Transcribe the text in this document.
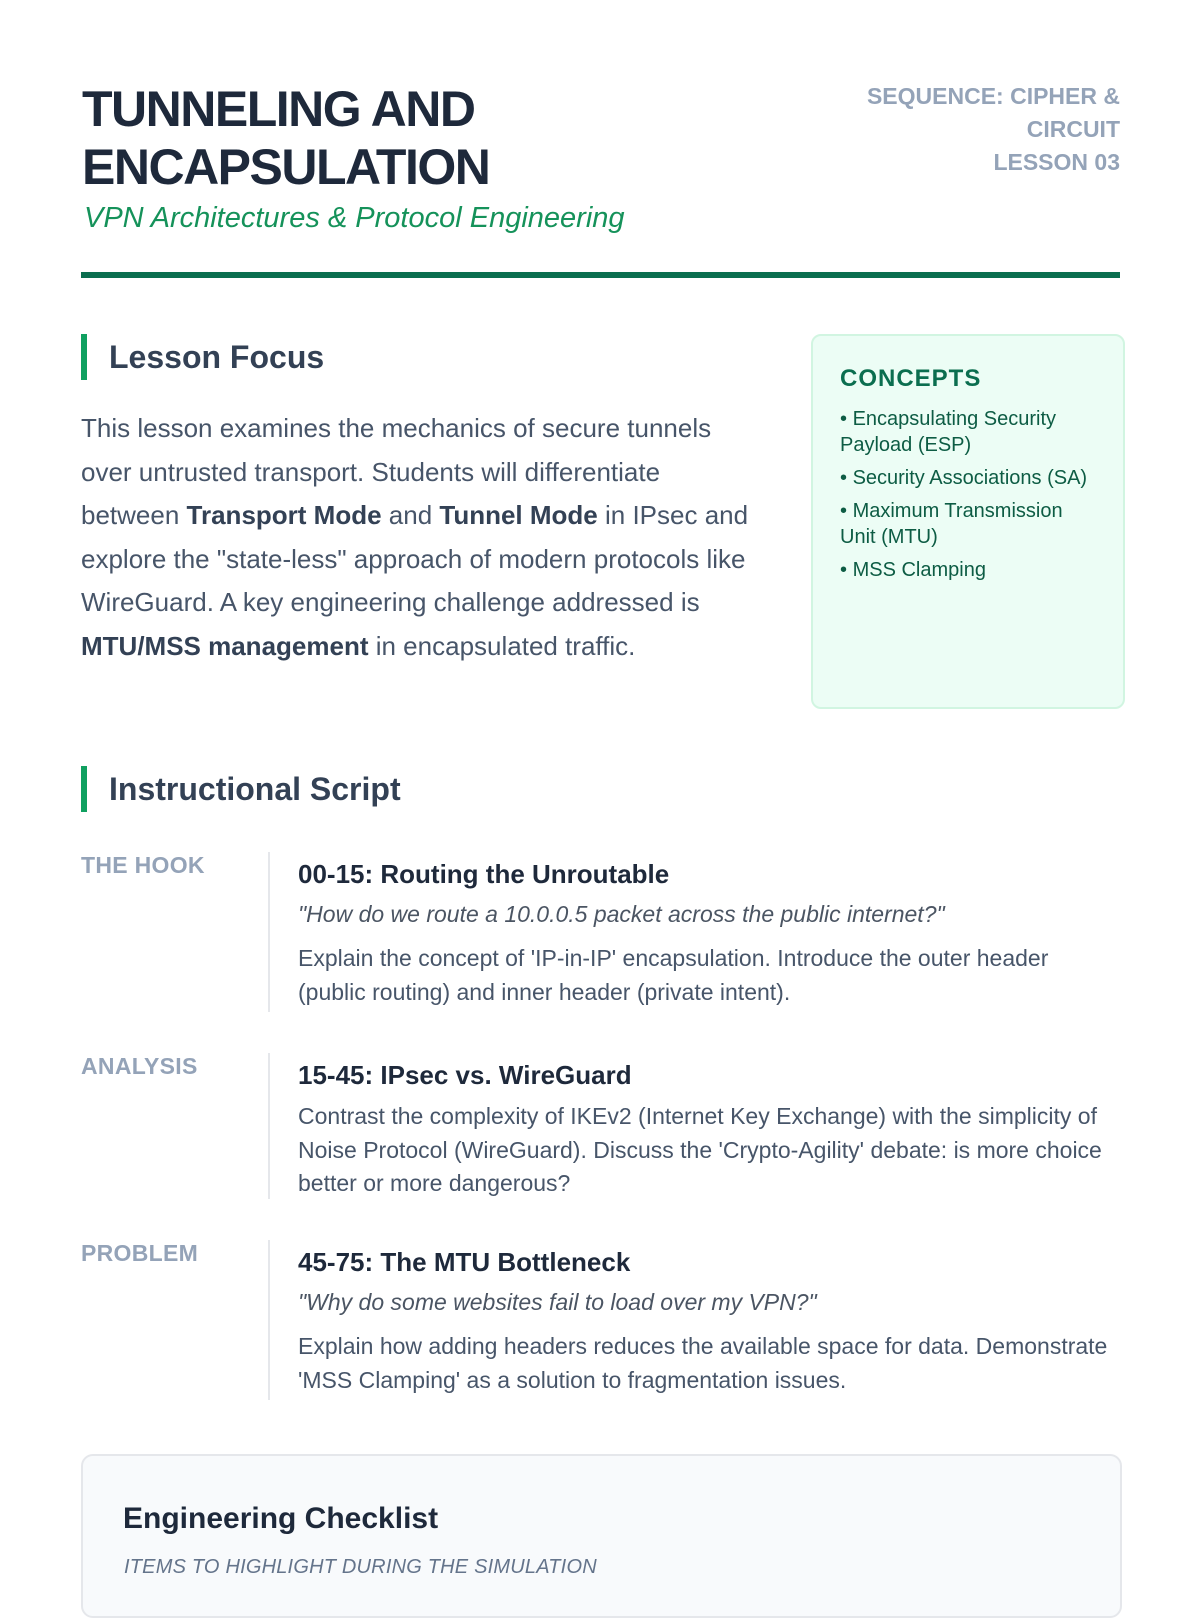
TUNNELING AND ENCAPSULATION
VPN Architectures & Protocol Engineering
SEQUENCE: CIPHER & CIRCUIT
LESSON 03
Lesson Focus

This lesson examines the mechanics of secure tunnels over untrusted transport. Students will differentiate between Transport Mode and Tunnel Mode in IPsec and explore the "state-less" approach of modern protocols like WireGuard. A key engineering challenge addressed is MTU/MSS management in encapsulated traffic.

CONCEPTS
• Encapsulating Security Payload (ESP)
• Security Associations (SA)
• Maximum Transmission Unit (MTU)
• MSS Clamping
Instructional Script
THE HOOK	00-15: Routing the Unroutable

"How do we route a 10.0.0.5 packet across the public internet?"

Explain the concept of 'IP-in-IP' encapsulation. Introduce the outer header (public routing) and inner header (private intent).

ANALYSIS	15-45: IPsec vs. WireGuard

Contrast the complexity of IKEv2 (Internet Key Exchange) with the simplicity of Noise Protocol (WireGuard). Discuss the 'Crypto-Agility' debate: is more choice better or more dangerous?

PROBLEM	45-75: The MTU Bottleneck

"Why do some websites fail to load over my VPN?"

Explain how adding headers reduces the available space for data. Demonstrate 'MSS Clamping' as a solution to fragmentation issues.

Engineering Checklist
ITEMS TO HIGHLIGHT DURING THE SIMULATION
